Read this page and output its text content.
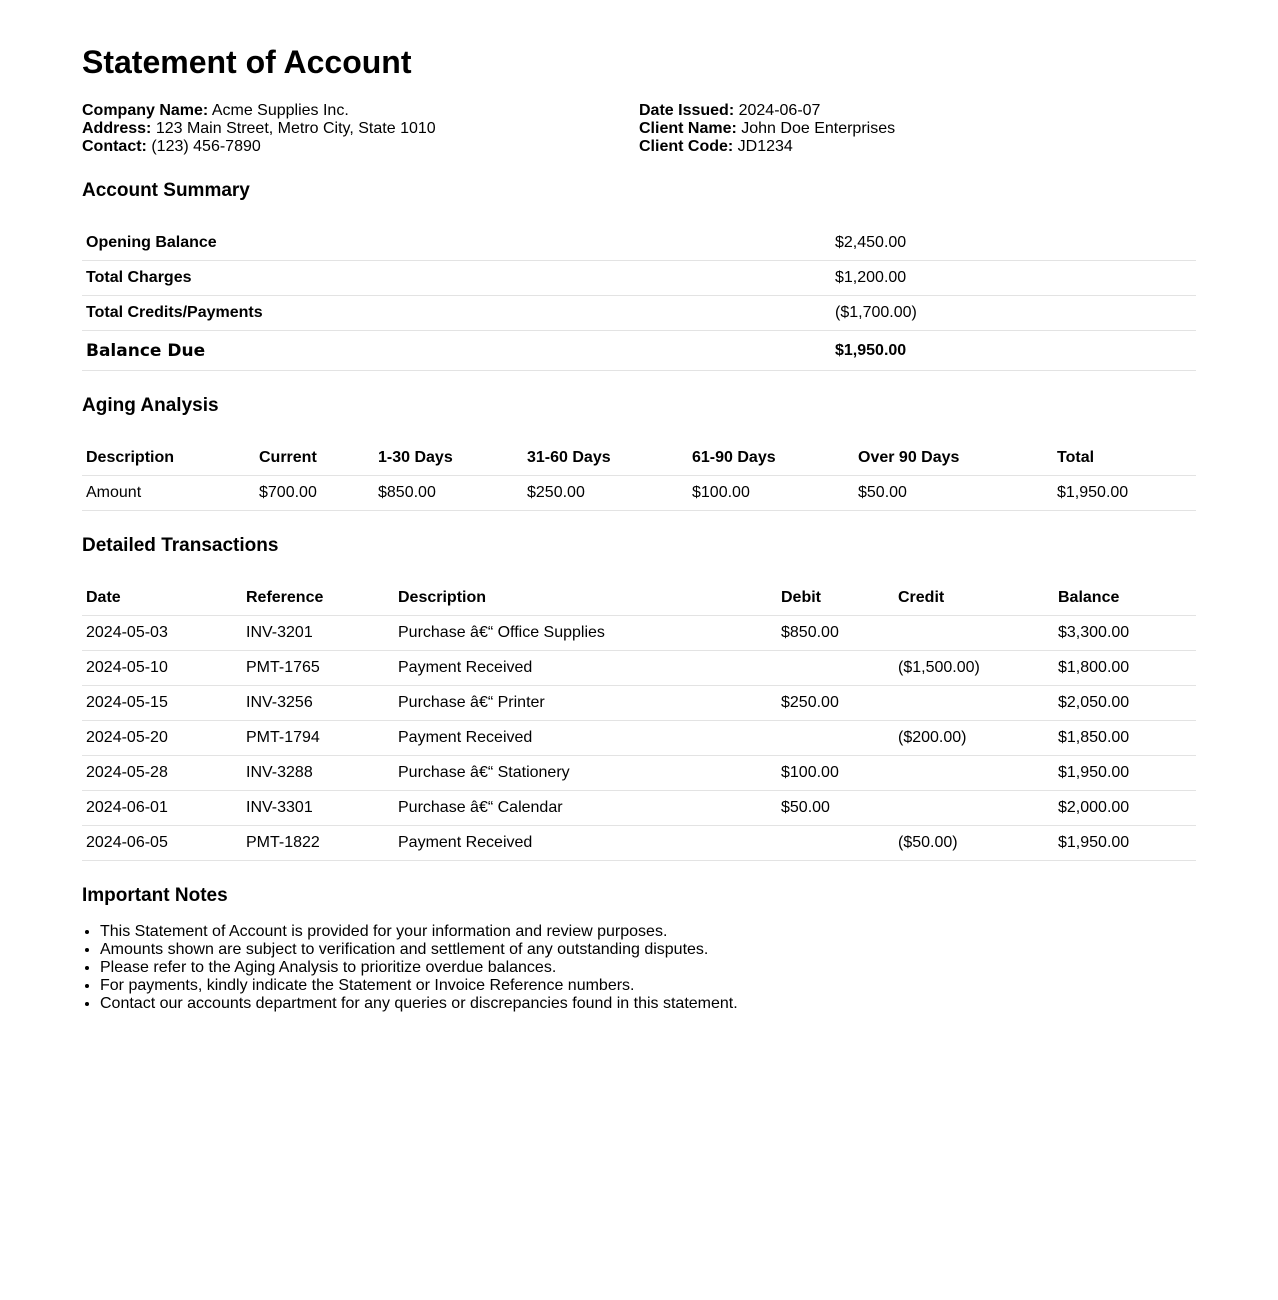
Statement of Account
Company Name: Acme Supplies Inc.
Address: 123 Main Street, Metro City, State 1010
Contact: (123) 456-7890
Date Issued: 2024-06-07
Client Name: John Doe Enterprises
Client Code: JD1234
Account Summary
Opening Balance	$2,450.00
Total Charges	$1,200.00
Total Credits/Payments	($1,700.00)
Balance Due	$1,950.00
Aging Analysis
Description	Current	1-30 Days	31-60 Days	61-90 Days	Over 90 Days	Total
Amount	$700.00	$850.00	$250.00	$100.00	$50.00	$1,950.00
Detailed Transactions
Date	Reference	Description	Debit	Credit	Balance
2024-05-03	INV-3201	Purchase â€“ Office Supplies	$850.00		$3,300.00
2024-05-10	PMT-1765	Payment Received		($1,500.00)	$1,800.00
2024-05-15	INV-3256	Purchase â€“ Printer	$250.00		$2,050.00
2024-05-20	PMT-1794	Payment Received		($200.00)	$1,850.00
2024-05-28	INV-3288	Purchase â€“ Stationery	$100.00		$1,950.00
2024-06-01	INV-3301	Purchase â€“ Calendar	$50.00		$2,000.00
2024-06-05	PMT-1822	Payment Received		($50.00)	$1,950.00
Important Notes
• This Statement of Account is provided for your information and review purposes.
• Amounts shown are subject to verification and settlement of any outstanding disputes.
• Please refer to the Aging Analysis to prioritize overdue balances.
• For payments, kindly indicate the Statement or Invoice Reference numbers.
• Contact our accounts department for any queries or discrepancies found in this statement.
